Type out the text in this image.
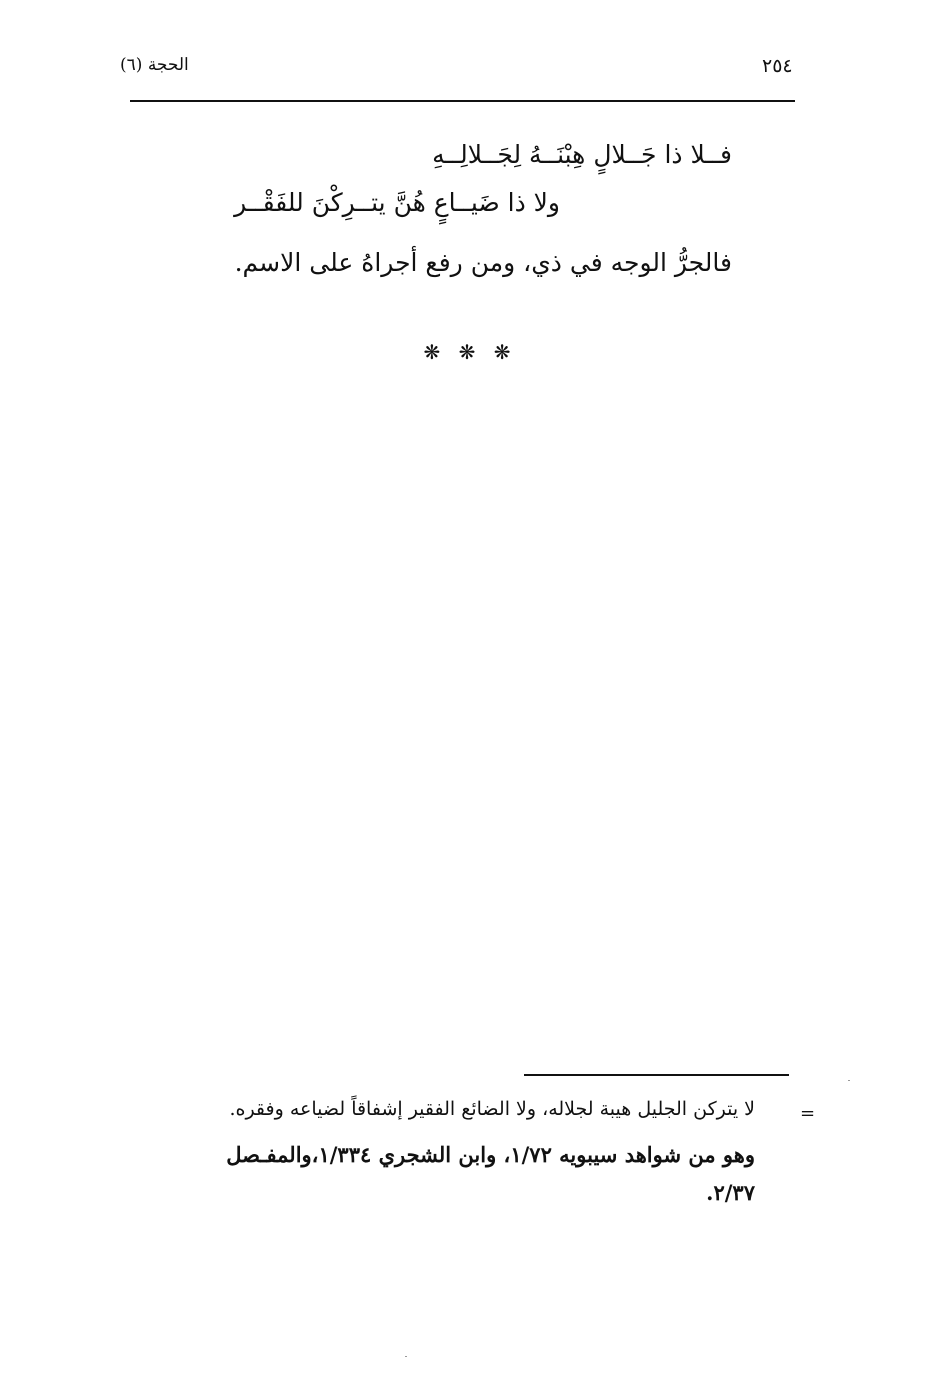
٢٥٤
الحجة (٦)
فــلا ذا جَــلالٍ هِبْنَــهُ لِجَــلالِــهِ
ولا ذا ضَيــاعٍ هُنَّ يتــرِكْنَ للفَقْــر
فالجرُّ الوجه في ذي، ومن رفع أجراهُ على الاسم.
❋ ❋ ❋
=
لا يتركن الجليل هيبة لجلاله، ولا الضائع الفقير إشفاقاً لضياعه وفقره.
وهو من شواهد سيبويه ١/٧٢، وابن الشجري ١/٣٣٤،والمفـصل
٢/٣٧.
